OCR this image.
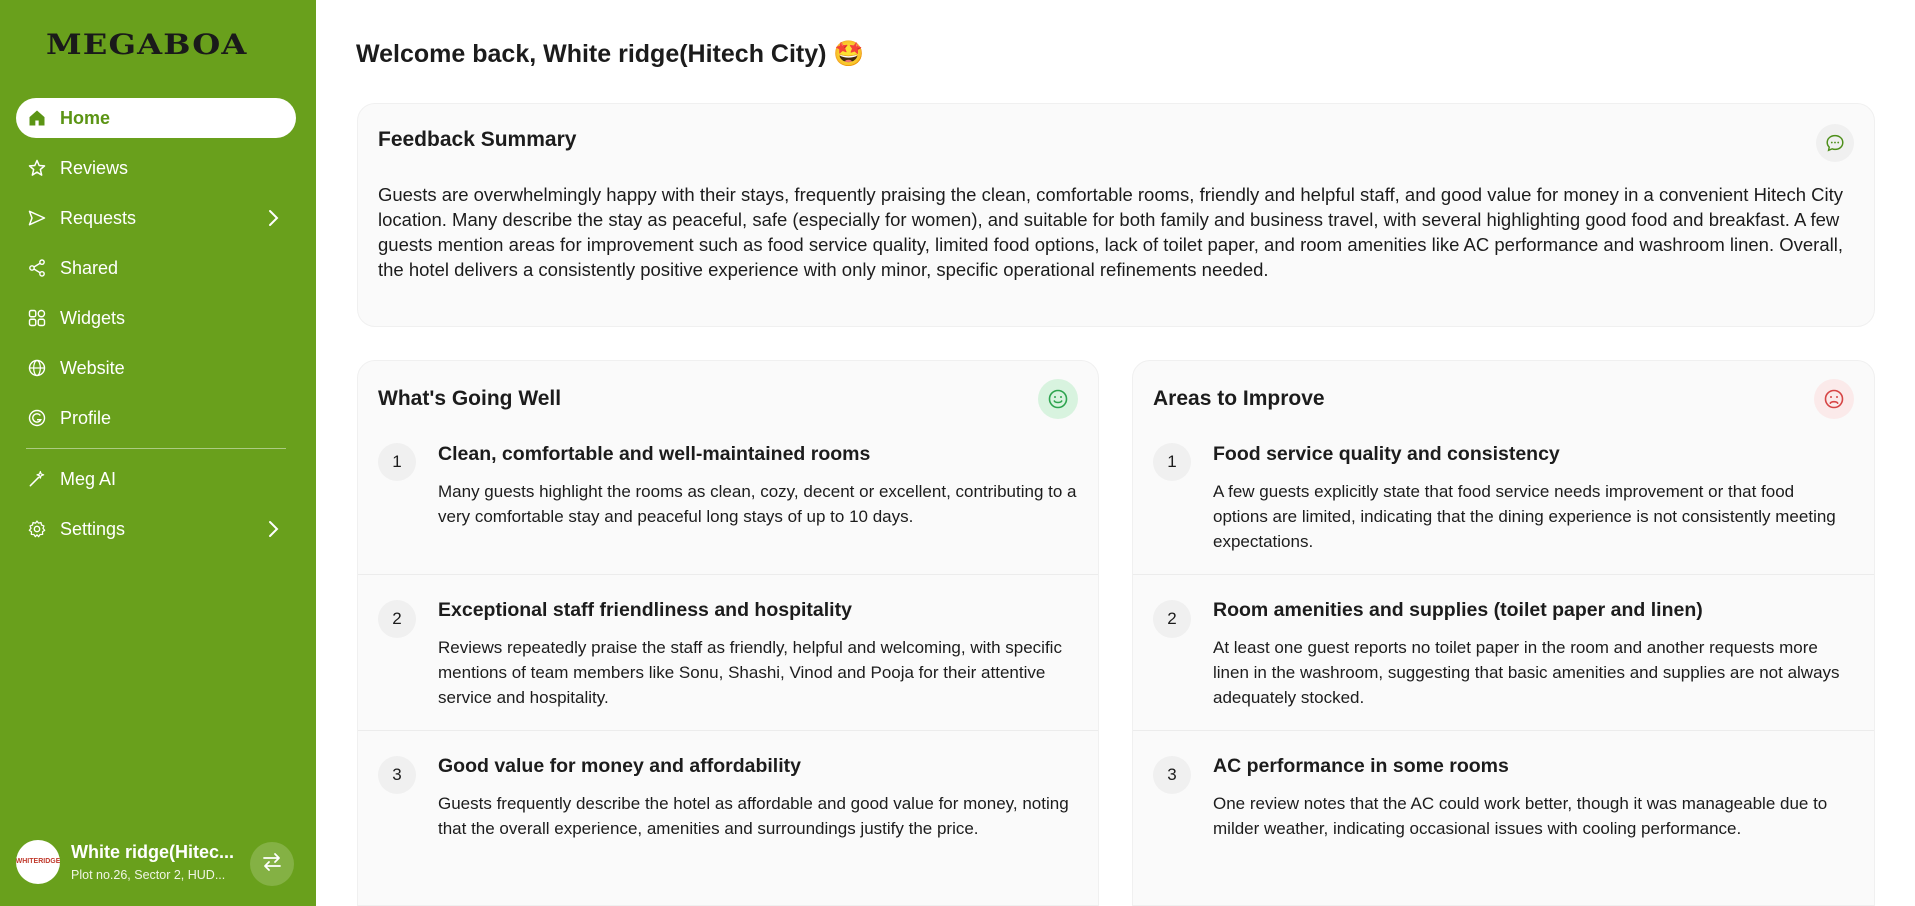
MEGABOA
Home
Reviews
Requests
Shared
Widgets
Website
Profile
Meg AI
Settings
WHITERIDGE White ridge(Hitec...
Plot no.26, Sector 2, HUD...
Welcome back, White ridge(Hitech City) 🤩
Feedback Summary
Guests are overwhelmingly happy with their stays, frequently praising the clean, comfortable rooms, friendly and helpful staff, and good value for money in a convenient Hitech City location. Many describe the stay as peaceful, safe (especially for women), and suitable for both family and business travel, with several highlighting good food and breakfast. A few guests mention areas for improvement such as food service quality, limited food options, lack of toilet paper, and room amenities like AC performance and washroom linen. Overall, the hotel delivers a consistently positive experience with only minor, specific operational refinements needed.
What's Going Well
1	Clean, comfortable and well-maintained rooms
Many guests highlight the rooms as clean, cozy, decent or excellent, contributing to a very comfortable stay and peaceful long stays of up to 10 days.
2	Exceptional staff friendliness and hospitality
Reviews repeatedly praise the staff as friendly, helpful and welcoming, with specific mentions of team members like Sonu, Shashi, Vinod and Pooja for their attentive service and hospitality.
3	Good value for money and affordability
Guests frequently describe the hotel as affordable and good value for money, noting that the overall experience, amenities and surroundings justify the price.
Areas to Improve
1	Food service quality and consistency
A few guests explicitly state that food service needs improvement or that food options are limited, indicating that the dining experience is not consistently meeting expectations.
2	Room amenities and supplies (toilet paper and linen)
At least one guest reports no toilet paper in the room and another requests more linen in the washroom, suggesting that basic amenities and supplies are not always adequately stocked.
3	AC performance in some rooms
One review notes that the AC could work better, though it was manageable due to milder weather, indicating occasional issues with cooling performance.
